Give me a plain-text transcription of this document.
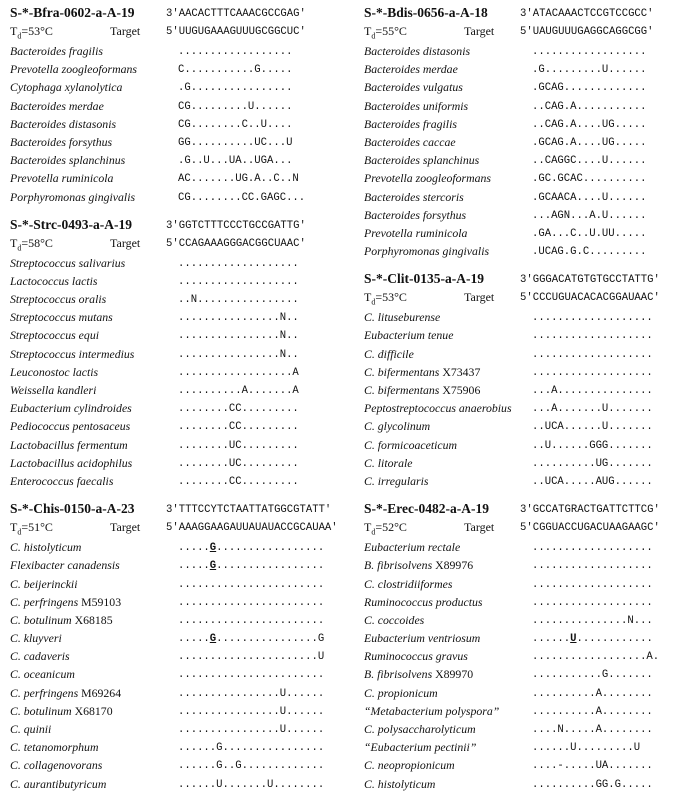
S-*-Bfra-0602-a-A-19	3'AACACTTTCAAACGCCGAG'
$T_d=53^\circ C$	Target 5'UUGUGAAAGUUUGCGGCUC'
Bacteroides fragilis	..................
Prevotella zoogleoformans	C...........G.....
Cytophaga xylanolytica	.G................
Bacteroides merdae	CG.........U......
Bacteroides distasonis	CG........C..U....
Bacteroides forsythus	GG..........UC...U
Bacteroides splanchinus	.G..U...UA..UGA...
Prevotella ruminicola	AC.......UG.A..C..N
Porphyromonas gingivalis	CG........CC.GAGC...
S-*-Strc-0493-a-A-19	3'GGTCTTTCCCTGCCGATTG'
$T_d=58^\circ C$	Target 5'CCAGAAAGGGACGGCUAAC'
Streptococcus salivarius	...................
Lactococcus lactis	...................
Streptococcus oralis	..N................
Streptococcus mutans	................N..
Streptococcus equi	................N..
Streptococcus intermedius	................N..
Leuconostoc lactis	..................A
Weissella kandleri	..........A.......A
Eubacterium cylindroides	........CC.........
Pediococcus pentosaceus	........CC.........
Lactobacillus fermentum	........UC.........
Lactobacillus acidophilus	........UC.........
Enterococcus faecalis	........CC.........
S-*-Chis-0150-a-A-23	3'TTTCCYTCTAATTATGGCGTATT'
$T_d=51^\circ C$	Target 5'AAAGGAAGAUUAUAUACCGCAUAA'
C. histolyticum	.....G.................
Flexibacter canadensis	.....G.................
C. beijerinckii	.......................
C. perfringens M59103	.......................
C. botulinum X68185	.......................
C. kluyveri	.....G................G
C. cadaveris	......................U
C. oceanicum	.......................
C. perfringens M69264	................U......
C. botulinum X68170	................U......
C. quinii	................U......
C. tetanomorphum	......G................
C. collagenovorans	......G..G.............
C. aurantibutyricum	......U.......U........
S-*-Bdis-0656-a-A-18	3'ATACAAACTCCGTCCGCC'
$T_d=55^\circ C$	Target 5'UAUGUUUGAGGCAGGCGG'
Bacteroides distasonis	..................
Bacteroides merdae	.G.........U......
Bacteroides vulgatus	.GCAG.............
Bacteroides uniformis	..CAG.A...........
Bacteroides fragilis	..CAG.A....UG.....
Bacteroides caccae	.GCAG.A....UG.....
Bacteroides splanchinus	..CAGGC....U......
Prevotella zoogleoformans	.GC.GCAC..........
Bacteroides stercoris	.GCAACA....U......
Bacteroides forsythus	...AGN...A.U......
Prevotella ruminicola	.GA...C..U.UU.....
Porphyromonas gingivalis	.UCAG.G.C.........
S-*-Clit-0135-a-A-19	3'GGGACATGTGTGCCTATTG'
$T_d=53^\circ C$	Target 5'CCCUGUACACACGGAUAAC'
C. lituseburense	...................
Eubacterium tenue	...................
C. difficile	...................
C. bifermentans X73437	...................
C. bifermentans X75906	...A...............
Peptostreptococcus anaerobius ...A.......U.......
C. glycolinum	..UCA......U.......
C. formicoaceticum	..U......GGG.......
C. litorale	..........UG.......
C. irregularis	..UCA.....AUG......
S-*-Erec-0482-a-A-19	3'GCCATGRACTGATTCTTCG'
$T_d=52^\circ C$	Target 5'CGGUACCUGACUAAGAAGC'
Eubacterium rectale	...................
B. fibrisolvens X89976	...................
C. clostridiiformes	...................
Ruminococcus productus	...................
C. coccoides	...............N...
Eubacterium ventriosum	......U............
Ruminococcus gravus	..................A.
B. fibrisolvens X89970	...........G.......
C. propionicum	..........A........
“Metabacterium polyspora”	..........A........
C. polysaccharolyticum	....N.....A........
“Eubacterium pectinii”	......U.........U
C. neopropionicum	....-.....UA.......
C. histolyticum	..........GG.G.....
